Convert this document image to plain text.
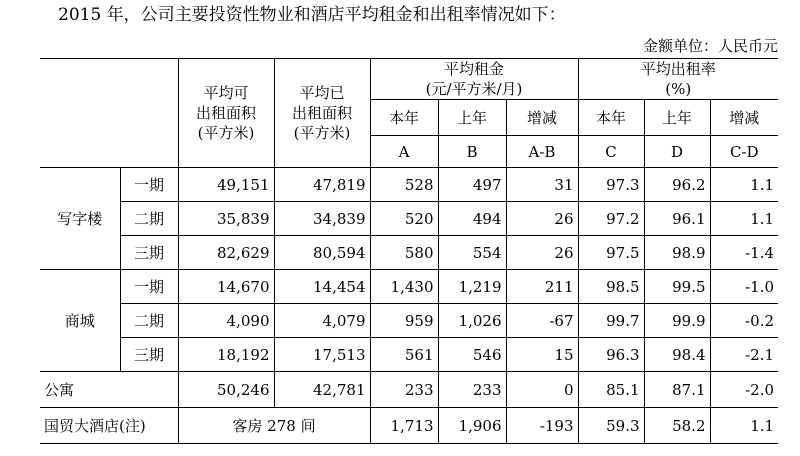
2015 年，公司主要投资性物业和酒店平均租金和出租率情况如下：
金额单位：人民币元

		平均可
出租面积
(平方米)	平均已
出租面积
(平方米)	平均租金
(元/平方米/月)			平均出租率
(%)		

				本年	上年	增减	本年	上年	增减
				A	B	A-B	C	D	C-D
写字楼	一期	49,151	47,819	528	497	31	97.3	96.2	1.1
	二期	35,839	34,839	520	494	26	97.2	96.1	1.1
	三期	82,629	80,594	580	554	26	97.5	98.9	-1.4
商城	一期	14,670	14,454	1,430	1,219	211	98.5	99.5	-1.0
	二期	4,090	4,079	959	1,026	-67	99.7	99.9	-0.2
	三期	18,192	17,513	561	546	15	96.3	98.4	-2.1
公寓		50,246	42,781	233	233	0	85.1	87.1	-2.0
国贸大酒店(注)		客房 278 间		1,713	1,906	-193	59.3	58.2	1.1
